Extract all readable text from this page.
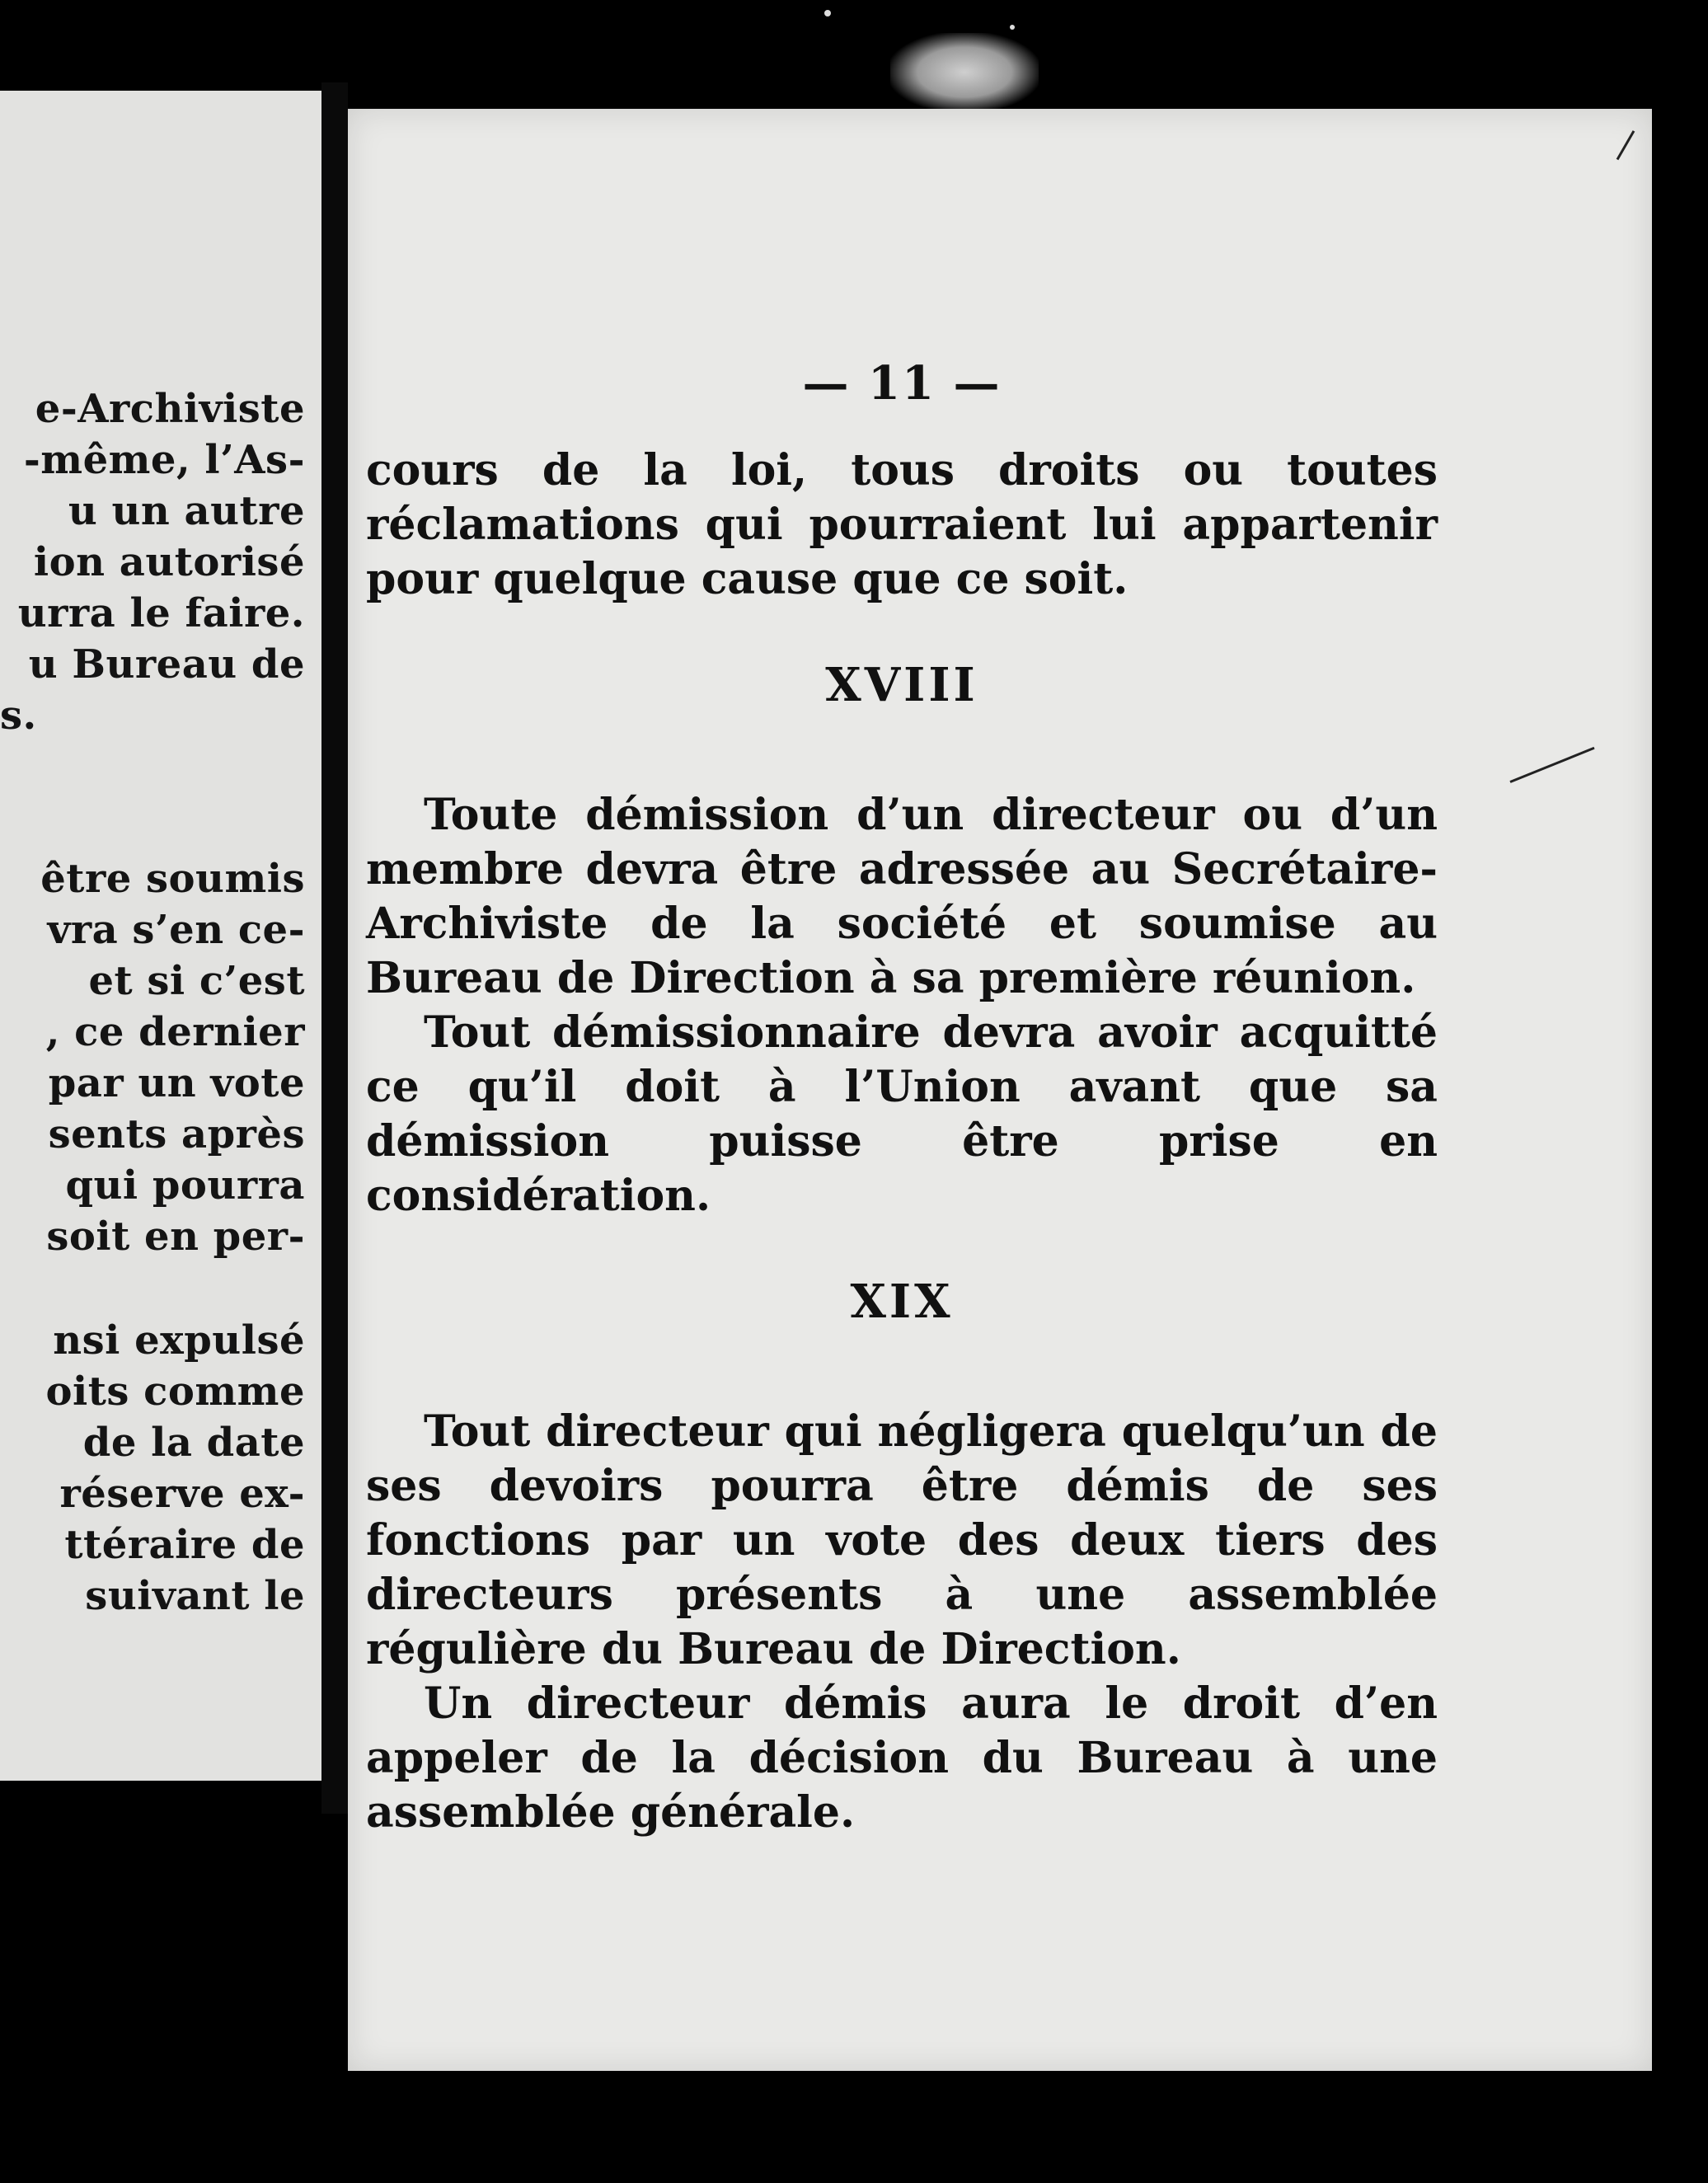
e-Archiviste
-même, l’As-
u un autre
ion autorisé
urra le faire.
u Bureau de
s.
être soumis
vra s’en ce-
et si c’est
, ce dernier
par un vote
sents après
qui pourra
soit en per-
nsi expulsé
oits comme
de la date
réserve ex-
ttéraire de
suivant le
— 11 —

cours de la loi, tous droits ou toutes réclamations qui pourraient lui appartenir pour quelque cause que ce soit.

XVIII

Toute démission d’un directeur ou d’un membre devra être adressée au Secrétaire-Archiviste de la société et soumise au Bureau de Direction à sa première réunion.

Tout démissionnaire devra avoir acquitté ce qu’il doit à l’Union avant que sa démission puisse être prise en considération.

XIX

Tout directeur qui négligera quelqu’un de ses devoirs pourra être démis de ses fonctions par un vote des deux tiers des directeurs présents à une assemblée régulière du Bureau de Direction.

Un directeur démis aura le droit d’en appeler de la décision du Bureau à une assemblée générale.
